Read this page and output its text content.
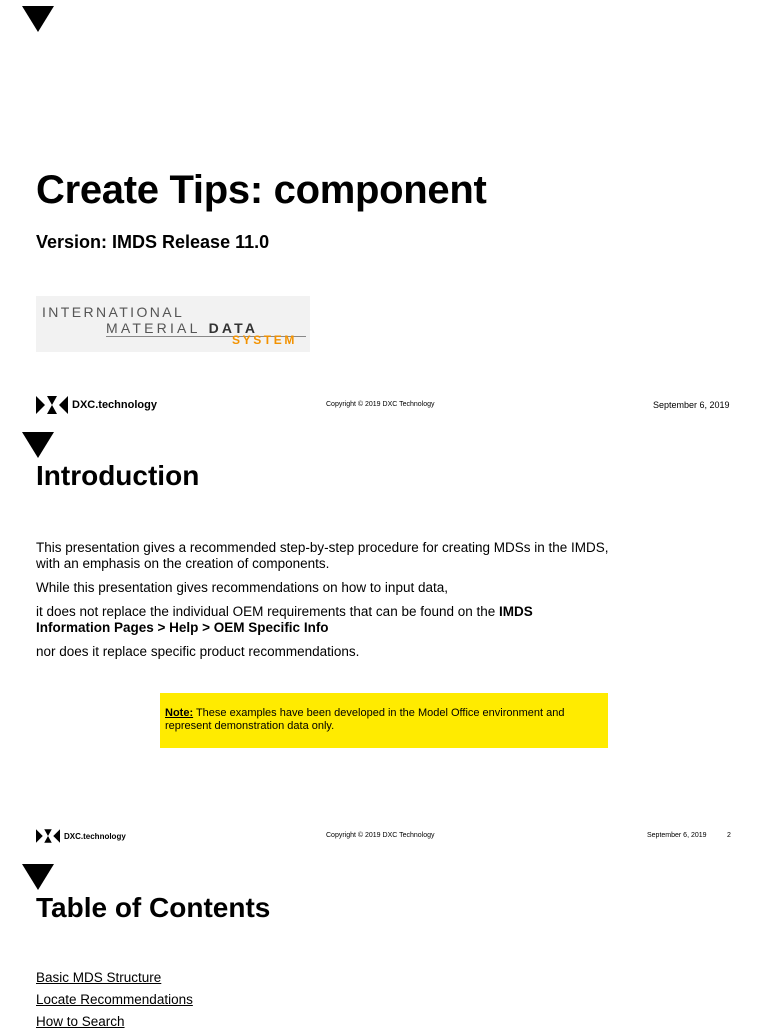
Create Tips: component
Version: IMDS Release 11.0
INTERNATIONAL
MATERIAL DATA
SYSTEM
DXC.technology	Copyright © 2019 DXC Technology	September 6, 2019
Introduction
This presentation gives a recommended step-by-step procedure for creating MDSs in the IMDS, with an emphasis on the creation of components.
While this presentation gives recommendations on how to input data,
it does not replace the individual OEM requirements that can be found on the IMDS Information Pages > Help > OEM Specific Info
nor does it replace specific product recommendations.
Note: These examples have been developed in the Model Office environment and represent demonstration data only.
DXC.technology	Copyright © 2019 DXC Technology	September 6, 2019	2
Table of Contents
Basic MDS Structure
Locate Recommendations
How to Search
